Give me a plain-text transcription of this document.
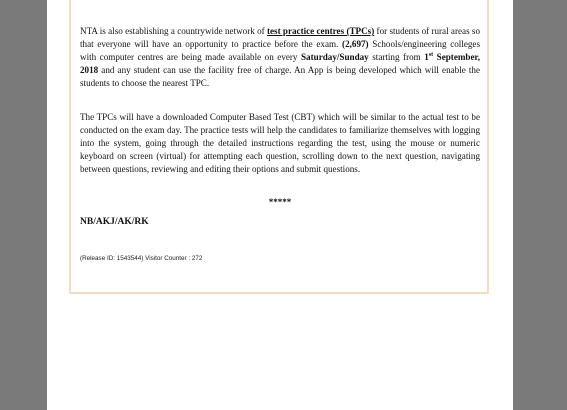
NTA is also establishing a countrywide network of test practice centres (TPCs) for students of rural areas so that everyone will have an opportunity to practice before the exam. (2,697) Schools/engineering colleges with computer centres are being made available on every Saturday/Sunday starting from 1st September, 2018 and any student can use the facility free of charge. An App is being developed which will enable the students to choose the nearest TPC.
The TPCs will have a downloaded Computer Based Test (CBT) which will be similar to the actual test to be conducted on the exam day. The practice tests will help the candidates to familiarize themselves with logging into the system, going through the detailed instructions regarding the test, using the mouse or numeric keyboard on screen (virtual) for attempting each question, scrolling down to the next question, navigating between questions, reviewing and editing their options and submit questions.
*****
NB/AKJ/AK/RK
(Release ID: 1543544) Visitor Counter : 272
